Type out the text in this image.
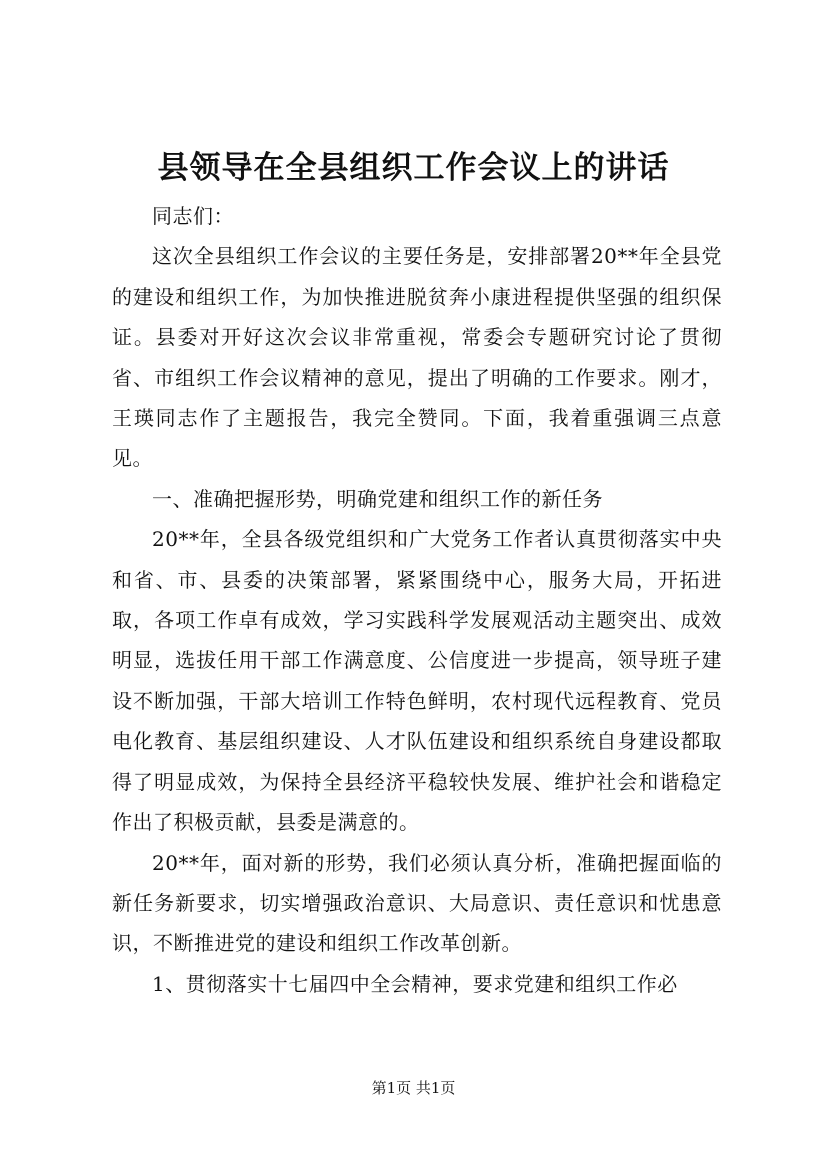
县领导在全县组织工作会议上的讲话

同志们：

这次全县组织工作会议的主要任务是，安排部署20**年全县党的建设和组织工作，为加快推进脱贫奔小康进程提供坚强的组织保证。县委对开好这次会议非常重视，常委会专题研究讨论了贯彻省、市组织工作会议精神的意见，提出了明确的工作要求。刚才，王瑛同志作了主题报告，我完全赞同。下面，我着重强调三点意见。

一、准确把握形势，明确党建和组织工作的新任务

20**年，全县各级党组织和广大党务工作者认真贯彻落实中央和省、市、县委的决策部署，紧紧围绕中心，服务大局，开拓进取，各项工作卓有成效，学习实践科学发展观活动主题突出、成效明显，选拔任用干部工作满意度、公信度进一步提高，领导班子建设不断加强，干部大培训工作特色鲜明，农村现代远程教育、党员电化教育、基层组织建设、人才队伍建设和组织系统自身建设都取得了明显成效，为保持全县经济平稳较快发展、维护社会和谐稳定作出了积极贡献，县委是满意的。

20**年，面对新的形势，我们必须认真分析，准确把握面临的新任务新要求，切实增强政治意识、大局意识、责任意识和忧患意识，不断推进党的建设和组织工作改革创新。

1、贯彻落实十七届四中全会精神，要求党建和组织工作必

第1页 共1页
